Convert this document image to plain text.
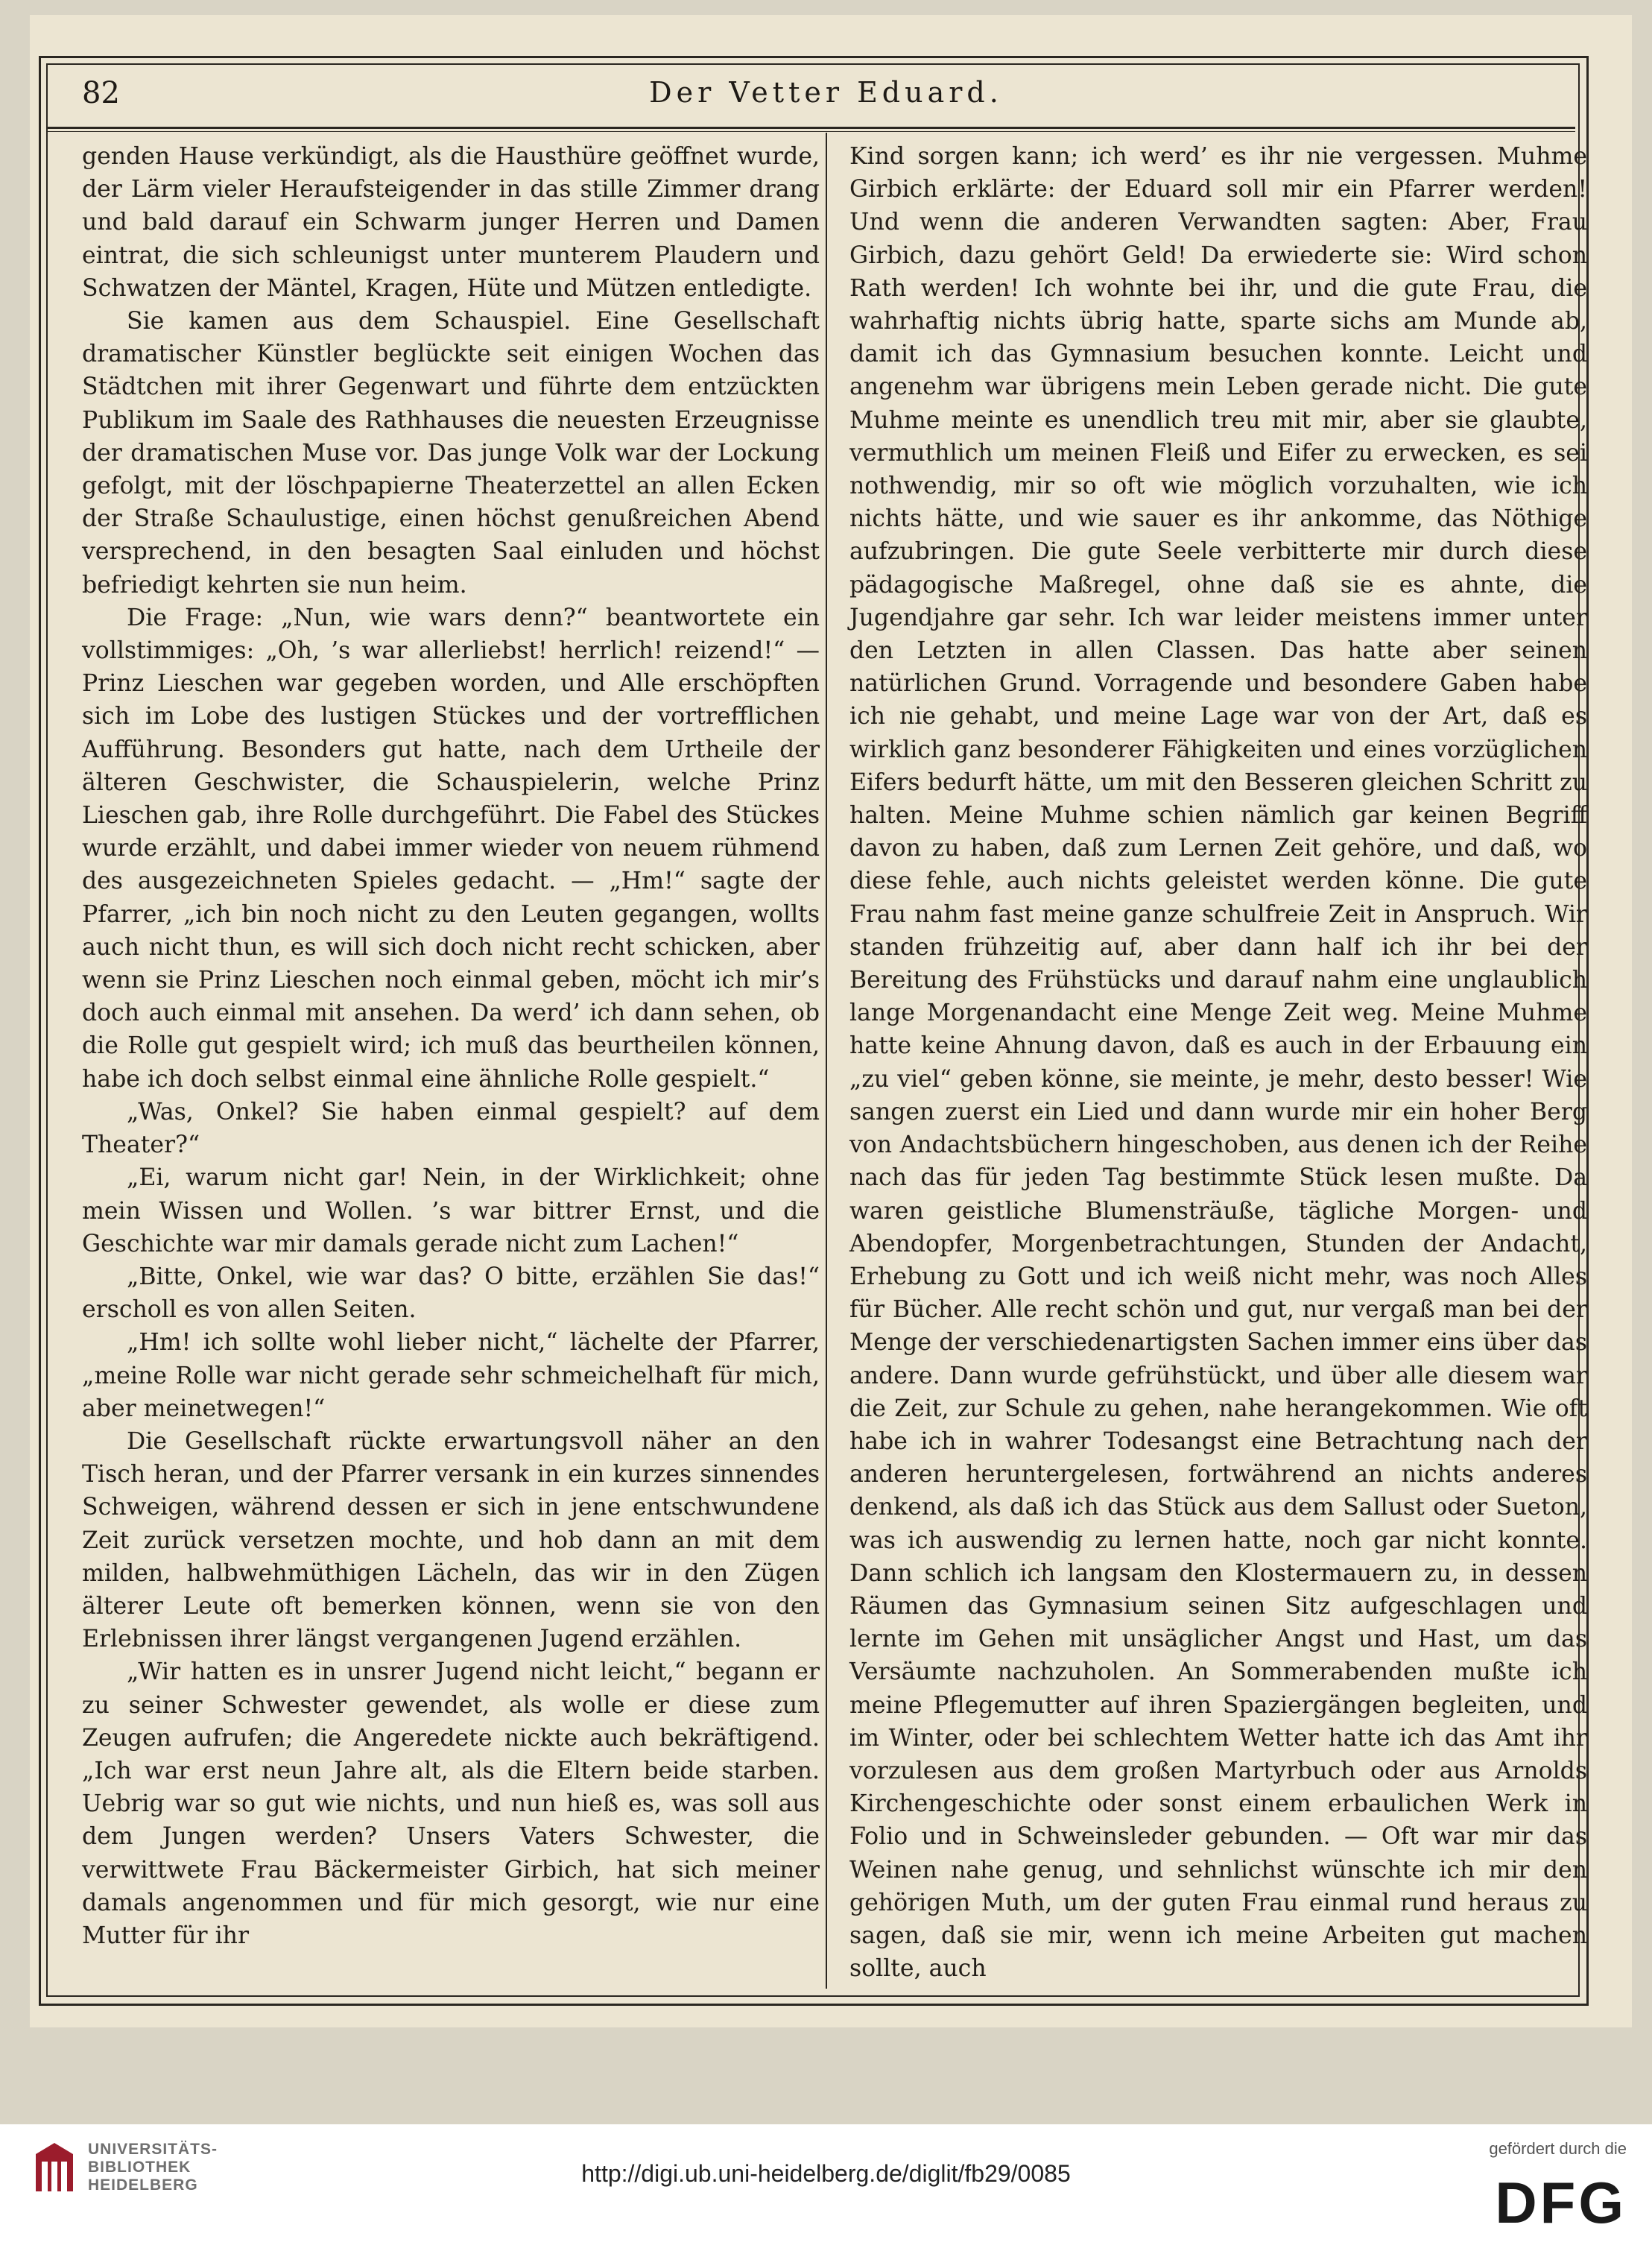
82	Der Vetter Eduard.

genden Hause verkündigt, als die Hausthüre geöffnet wurde, der Lärm vieler Heraufsteigender in das stille Zimmer drang und bald darauf ein Schwarm junger Herren und Damen eintrat, die sich schleunigst unter munterem Plaudern und Schwatzen der Mäntel, Kragen, Hüte und Mützen entledigte.

Sie kamen aus dem Schauspiel. Eine Gesellschaft dramatischer Künstler beglückte seit einigen Wochen das Städtchen mit ihrer Gegenwart und führte dem entzückten Publikum im Saale des Rathhauses die neuesten Erzeugnisse der dramatischen Muse vor. Das junge Volk war der Lockung gefolgt, mit der löschpapierne Theaterzettel an allen Ecken der Straße Schaulustige, einen höchst genußreichen Abend versprechend, in den besagten Saal einluden und höchst befriedigt kehrten sie nun heim.

Die Frage: „Nun, wie wars denn?“ beantwortete ein vollstimmiges: „Oh, ’s war allerliebst! herrlich! reizend!“ — Prinz Lieschen war gegeben worden, und Alle erschöpften sich im Lobe des lustigen Stückes und der vortrefflichen Aufführung. Besonders gut hatte, nach dem Urtheile der älteren Geschwister, die Schauspielerin, welche Prinz Lieschen gab, ihre Rolle durchgeführt. Die Fabel des Stückes wurde erzählt, und dabei immer wieder von neuem rühmend des ausgezeichneten Spieles gedacht. — „Hm!“ sagte der Pfarrer, „ich bin noch nicht zu den Leuten gegangen, wollts auch nicht thun, es will sich doch nicht recht schicken, aber wenn sie Prinz Lieschen noch einmal geben, möcht ich mir’s doch auch einmal mit ansehen. Da werd’ ich dann sehen, ob die Rolle gut gespielt wird; ich muß das beurtheilen können, habe ich doch selbst einmal eine ähnliche Rolle gespielt.“

„Was, Onkel? Sie haben einmal gespielt? auf dem Theater?“

„Ei, warum nicht gar! Nein, in der Wirklichkeit; ohne mein Wissen und Wollen. ’s war bittrer Ernst, und die Geschichte war mir damals gerade nicht zum Lachen!“

„Bitte, Onkel, wie war das? O bitte, erzählen Sie das!“ erscholl es von allen Seiten.

„Hm! ich sollte wohl lieber nicht,“ lächelte der Pfarrer, „meine Rolle war nicht gerade sehr schmeichelhaft für mich, aber meinetwegen!“

Die Gesellschaft rückte erwartungsvoll näher an den Tisch heran, und der Pfarrer versank in ein kurzes sinnendes Schweigen, während dessen er sich in jene entschwundene Zeit zurück versetzen mochte, und hob dann an mit dem milden, halbwehmüthigen Lächeln, das wir in den Zügen älterer Leute oft bemerken können, wenn sie von den Erlebnissen ihrer längst vergangenen Jugend erzählen.

„Wir hatten es in unsrer Jugend nicht leicht,“ begann er zu seiner Schwester gewendet, als wolle er diese zum Zeugen aufrufen; die Angeredete nickte auch bekräftigend. „Ich war erst neun Jahre alt, als die Eltern beide starben. Uebrig war so gut wie nichts, und nun hieß es, was soll aus dem Jungen werden? Unsers Vaters Schwester, die verwittwete Frau Bäckermeister Girbich, hat sich meiner damals angenommen und für mich gesorgt, wie nur eine Mutter für ihr

Kind sorgen kann; ich werd’ es ihr nie vergessen. Muhme Girbich erklärte: der Eduard soll mir ein Pfarrer werden! Und wenn die anderen Verwandten sagten: Aber, Frau Girbich, dazu gehört Geld! Da erwiederte sie: Wird schon Rath werden! Ich wohnte bei ihr, und die gute Frau, die wahrhaftig nichts übrig hatte, sparte sichs am Munde ab, damit ich das Gymnasium besuchen konnte. Leicht und angenehm war übrigens mein Leben gerade nicht. Die gute Muhme meinte es unendlich treu mit mir, aber sie glaubte, vermuthlich um meinen Fleiß und Eifer zu erwecken, es sei nothwendig, mir so oft wie möglich vorzuhalten, wie ich nichts hätte, und wie sauer es ihr ankomme, das Nöthige aufzubringen. Die gute Seele verbitterte mir durch diese pädagogische Maßregel, ohne daß sie es ahnte, die Jugendjahre gar sehr. Ich war leider meistens immer unter den Letzten in allen Classen. Das hatte aber seinen natürlichen Grund. Vorragende und besondere Gaben habe ich nie gehabt, und meine Lage war von der Art, daß es wirklich ganz besonderer Fähigkeiten und eines vorzüglichen Eifers bedurft hätte, um mit den Besseren gleichen Schritt zu halten. Meine Muhme schien nämlich gar keinen Begriff davon zu haben, daß zum Lernen Zeit gehöre, und daß, wo diese fehle, auch nichts geleistet werden könne. Die gute Frau nahm fast meine ganze schulfreie Zeit in Anspruch. Wir standen frühzeitig auf, aber dann half ich ihr bei der Bereitung des Frühstücks und darauf nahm eine unglaublich lange Morgenandacht eine Menge Zeit weg. Meine Muhme hatte keine Ahnung davon, daß es auch in der Erbauung ein „zu viel“ geben könne, sie meinte, je mehr, desto besser! Wie sangen zuerst ein Lied und dann wurde mir ein hoher Berg von Andachtsbüchern hingeschoben, aus denen ich der Reihe nach das für jeden Tag bestimmte Stück lesen mußte. Da waren geistliche Blumensträuße, tägliche Morgen- und Abendopfer, Morgenbetrachtungen, Stunden der Andacht, Erhebung zu Gott und ich weiß nicht mehr, was noch Alles für Bücher. Alle recht schön und gut, nur vergaß man bei der Menge der verschiedenartigsten Sachen immer eins über das andere. Dann wurde gefrühstückt, und über alle diesem war die Zeit, zur Schule zu gehen, nahe herangekommen. Wie oft habe ich in wahrer Todesangst eine Betrachtung nach der anderen heruntergelesen, fortwährend an nichts anderes denkend, als daß ich das Stück aus dem Sallust oder Sueton, was ich auswendig zu lernen hatte, noch gar nicht konnte. Dann schlich ich langsam den Klostermauern zu, in dessen Räumen das Gymnasium seinen Sitz aufgeschlagen und lernte im Gehen mit unsäglicher Angst und Hast, um das Versäumte nachzuholen. An Sommerabenden mußte ich meine Pflegemutter auf ihren Spaziergängen begleiten, und im Winter, oder bei schlechtem Wetter hatte ich das Amt ihr vorzulesen aus dem großen Martyrbuch oder aus Arnolds Kirchengeschichte oder sonst einem erbaulichen Werk in Folio und in Schweinsleder gebunden. — Oft war mir das Weinen nahe genug, und sehnlichst wünschte ich mir den gehörigen Muth, um der guten Frau einmal rund heraus zu sagen, daß sie mir, wenn ich meine Arbeiten gut machen sollte, auch

UNIVERSITÄTS-
BIBLIOTHEK
HEIDELBERG	http://digi.ub.uni-heidelberg.de/diglit/fb29/0085
gefördert durch die
DFG
